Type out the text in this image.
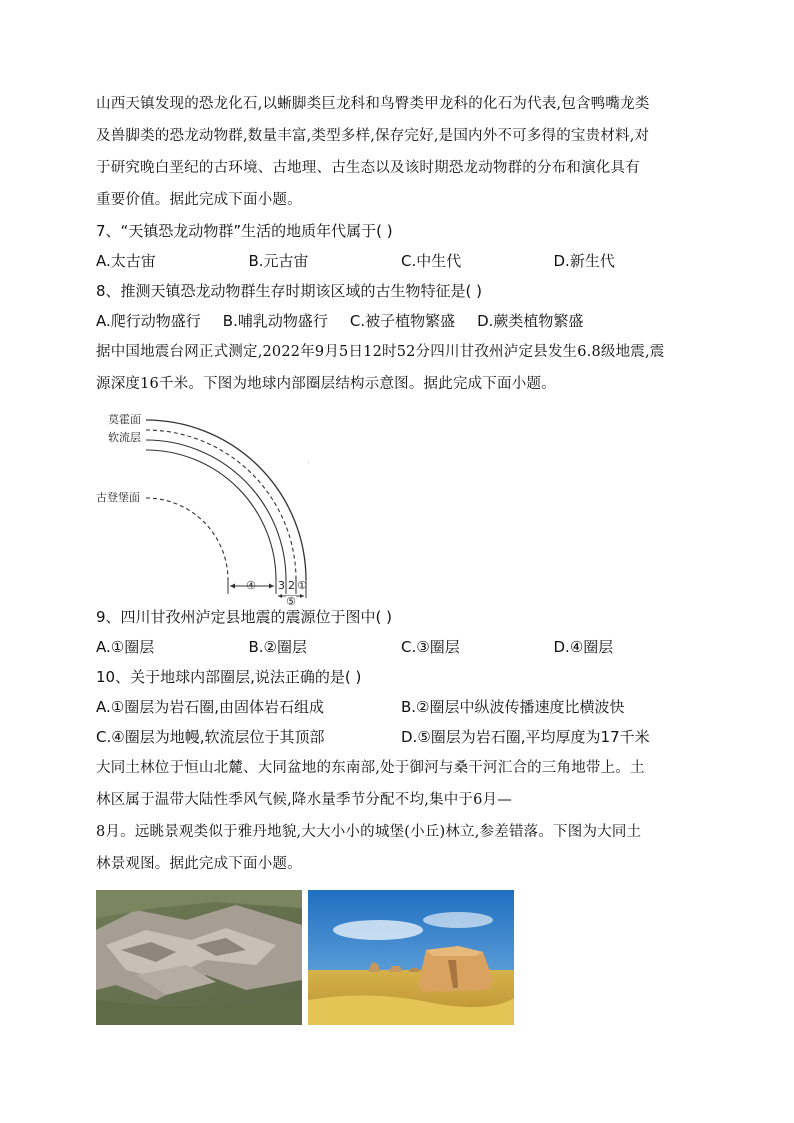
山西天镇发现的恐龙化石,以蜥脚类巨龙科和鸟臀类甲龙科的化石为代表,包含鸭嘴龙类

及兽脚类的恐龙动物群,数量丰富,类型多样,保存完好,是国内外不可多得的宝贵材料,对

于研究晚白垩纪的古环境、古地理、古生态以及该时期恐龙动物群的分布和演化具有

重要价值。据此完成下面小题。

7、“天镇恐龙动物群”生活的地质年代属于( )

A.太古宙	B.元古宙	C.中生代	D.新生代

8、推测天镇恐龙动物群生存时期该区域的古生物特征是( )

A.爬行动物盛行 B.哺乳动物盛行 C.被子植物繁盛 D.蕨类植物繁盛

据中国地震台网正式测定,2022年9月5日12时52分四川甘孜州泸定县发生6.8级地震,震

源深度16千米。下图为地球内部圈层结构示意图。据此完成下面小题。

'
莫霍面
软流层
古登堡面
④ 3 2 ①
⑤

9、四川甘孜州泸定县地震的震源位于图中( )

A.①圈层	B.②圈层	C.③圈层	D.④圈层

10、关于地球内部圈层,说法正确的是( )

A.①圈层为岩石圈,由固体岩石组成	B.②圈层中纵波传播速度比横波快
C.④圈层为地幔,软流层位于其顶部	D.⑤圈层为岩石圈,平均厚度为17千米

大同土林位于恒山北麓、大同盆地的东南部,处于御河与桑干河汇合的三角地带上。土

林区属于温带大陆性季风气候,降水量季节分配不均,集中于6月—

8月。远眺景观类似于雅丹地貌,大大小小的城堡(小丘)林立,参差错落。下图为大同土

林景观图。据此完成下面小题。
